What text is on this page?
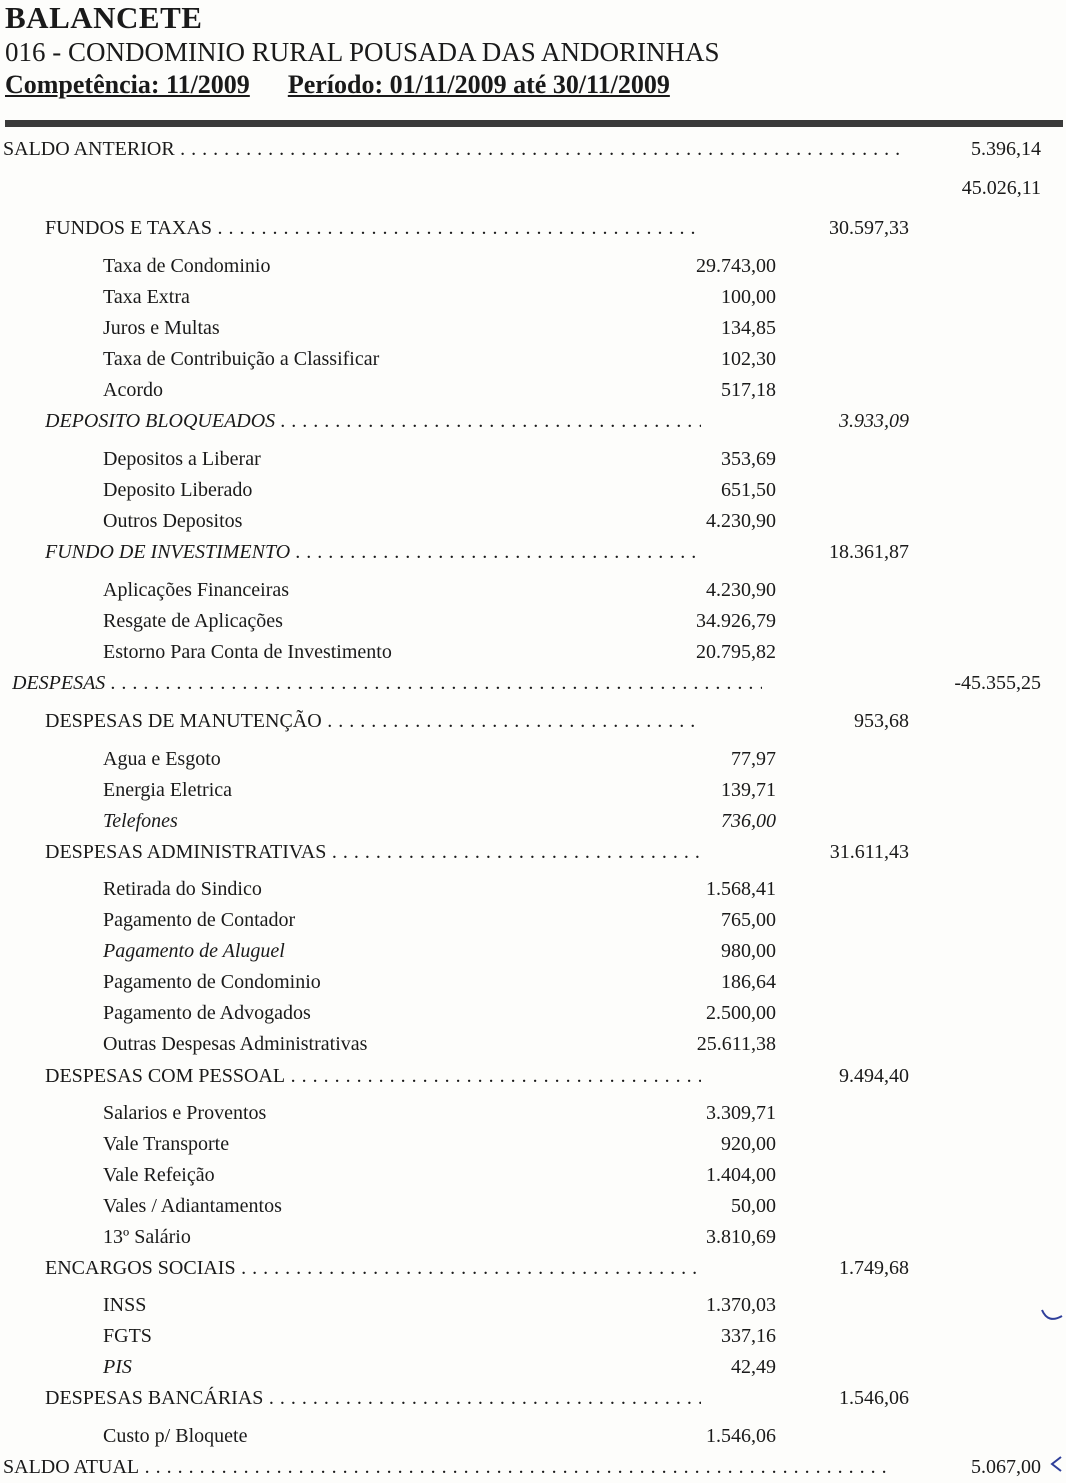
BALANCETE
016 - CONDOMINIO RURAL POUSADA DAS ANDORINHAS
Competência: 11/2009 Período: 01/11/2009 até 30/11/2009
SALDO ANTERIOR . . .	5.396,14
45.026,11
FUNDOS E TAXAS . . .	30.597,33
Taxa de Condominio	29.743,00
Taxa Extra	100,00
Juros e Multas	134,85
Taxa de Contribuição a Classificar	102,30
Acordo	517,18
DEPOSITO BLOQUEADOS . . .	3.933,09
Depositos a Liberar	353,69
Deposito Liberado	651,50
Outros Depositos	4.230,90
FUNDO DE INVESTIMENTO . . .	18.361,87
Aplicações Financeiras	4.230,90
Resgate de Aplicações	34.926,79
Estorno Para Conta de Investimento	20.795,82
DESPESAS . . .	-45.355,25
DESPESAS DE MANUTENÇÃO . . .	953,68
Agua e Esgoto	77,97
Energia Eletrica	139,71
Telefones	736,00
DESPESAS ADMINISTRATIVAS . . .	31.611,43
Retirada do Sindico	1.568,41
Pagamento de Contador	765,00
Pagamento de Aluguel	980,00
Pagamento de Condominio	186,64
Pagamento de Advogados	2.500,00
Outras Despesas Administrativas	25.611,38
DESPESAS COM PESSOAL . . .	9.494,40
Salarios e Proventos	3.309,71
Vale Transporte	920,00
Vale Refeição	1.404,00
Vales / Adiantamentos	50,00
13º Salário	3.810,69
ENCARGOS SOCIAIS . . .	1.749,68
INSS	1.370,03
FGTS	337,16
PIS	42,49
DESPESAS BANCÁRIAS . . .	1.546,06
Custo p/ Bloquete	1.546,06
SALDO ATUAL . . .	5.067,00
